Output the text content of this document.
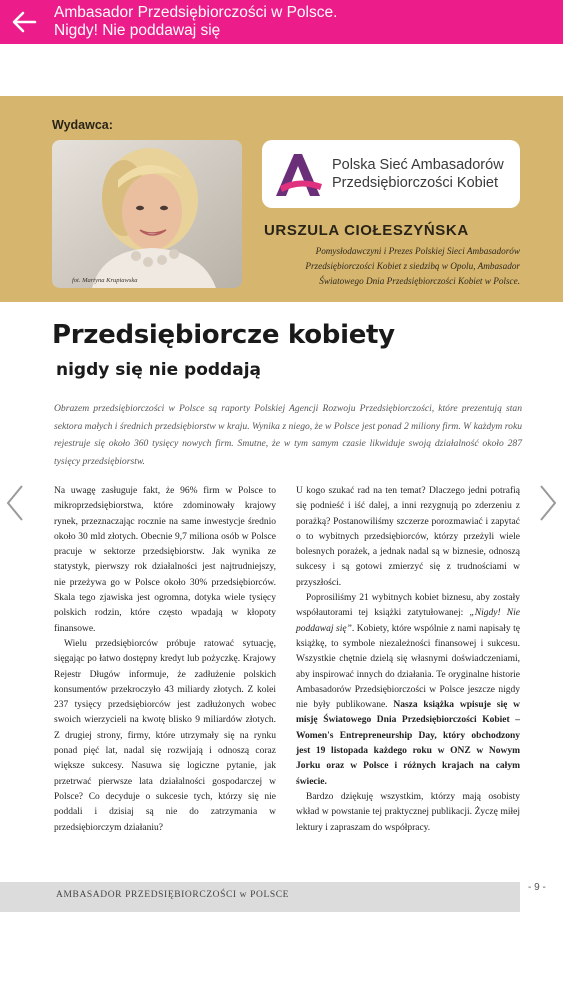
Ambasador Przedsiębiorczości w Polsce.
Nigdy! Nie poddawaj się
Wydawca:
fot. Martyna Krupiawska
Polska Sieć Ambasadorów
Przedsiębiorczości Kobiet
URSZULA CIOŁESZYŃSKA
Pomysłodawczyni i Prezes Polskiej Sieci Ambasadorów Przedsiębiorczości Kobiet z siedzibą w Opolu, Ambasador Światowego Dnia Przedsiębiorczości Kobiet w Polsce.
Przedsiębiorcze kobiety
nigdy się nie poddają
Obrazem przedsiębiorczości w Polsce są raporty Polskiej Agencji Rozwoju Przedsiębiorczości, które prezentują stan sektora małych i średnich przedsiębiorstw w kraju. Wynika z niego, że w Polsce jest ponad 2 miliony firm. W każdym roku rejestruje się około 360 tysięcy nowych firm. Smutne, że w tym samym czasie likwiduje swoją działalność około 287 tysięcy przedsiębiorstw.

Na uwagę zasługuje fakt, że 96% firm w Polsce to mikroprzedsiębiorstwa, które zdominowały krajowy rynek, przeznaczając rocznie na same inwestycje średnio około 30 mld złotych. Obecnie 9,7 miliona osób w Polsce pracuje w sektorze przedsiębiorstw. Jak wynika ze statystyk, pierwszy rok działalności jest najtrudniejszy, nie przeżywa go w Polsce około 30% przedsiębiorców. Skala tego zjawiska jest ogromna, dotyka wiele tysięcy polskich rodzin, które często wpadają w kłopoty finansowe.

Wielu przedsiębiorców próbuje ratować sytuację, sięgając po łatwo dostępny kredyt lub pożyczkę. Krajowy Rejestr Długów informuje, że zadłużenie polskich konsumentów przekroczyło 43 miliardy złotych. Z kolei 237 tysięcy przedsiębiorców jest zadłużonych wobec swoich wierzycieli na kwotę blisko 9 miliardów złotych. Z drugiej strony, firmy, które utrzymały się na rynku ponad pięć lat, nadal się rozwijają i odnoszą coraz większe sukcesy. Nasuwa się logiczne pytanie, jak przetrwać pierwsze lata działalności gospodarczej w Polsce? Co decyduje o sukcesie tych, którzy się nie poddali i dzisiaj są nie do zatrzymania w przedsiębiorczym działaniu?

U kogo szukać rad na ten temat? Dlaczego jedni potrafią się podnieść i iść dalej, a inni rezygnują po zderzeniu z porażką? Postanowiliśmy szczerze porozmawiać i zapytać o to wybitnych przedsiębiorców, którzy przeżyli wiele bolesnych porażek, a jednak nadal są w biznesie, odnoszą sukcesy i są gotowi zmierzyć się z trudnościami w przyszłości.

Poprosiliśmy 21 wybitnych kobiet biznesu, aby zostały współautorami tej książki zatytułowanej: „Nigdy! Nie poddawaj się”. Kobiety, które wspólnie z nami napisały tę książkę, to symbole niezależności finansowej i sukcesu. Wszystkie chętnie dzielą się własnymi doświadczeniami, aby inspirować innych do działania. Te oryginalne historie Ambasadorów Przedsiębiorczości w Polsce jeszcze nigdy nie były publikowane. Nasza książka wpisuje się w misję Światowego Dnia Przedsiębiorczości Kobiet – Women's Entrepreneurship Day, który obchodzony jest 19 listopada każdego roku w ONZ w Nowym Jorku oraz w Polsce i różnych krajach na całym świecie.

Bardzo dziękuję wszystkim, którzy mają osobisty wkład w powstanie tej praktycznej publikacji. Życzę miłej lektury i zapraszam do współpracy.

AMBASADOR PRZEDSIĘBIORCZOŚCI w POLSCE
- 9 -
